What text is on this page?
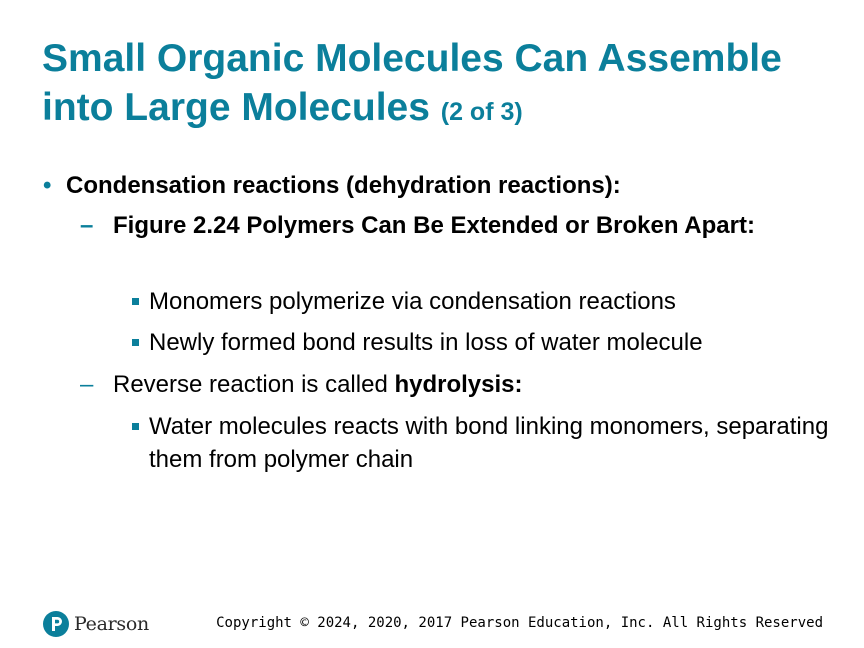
Small Organic Molecules Can Assemble into Large Molecules (2 of 3)
• Condensation reactions (dehydration reactions):
– Figure 2.24 Polymers Can Be Extended or Broken Apart:
Monomers polymerize via condensation reactions
Newly formed bond results in loss of water molecule
– Reverse reaction is called hydrolysis:
Water molecules reacts with bond linking monomers, separating them from polymer chain
Pearson	Copyright © 2024, 2020, 2017 Pearson Education, Inc. All Rights Reserved
